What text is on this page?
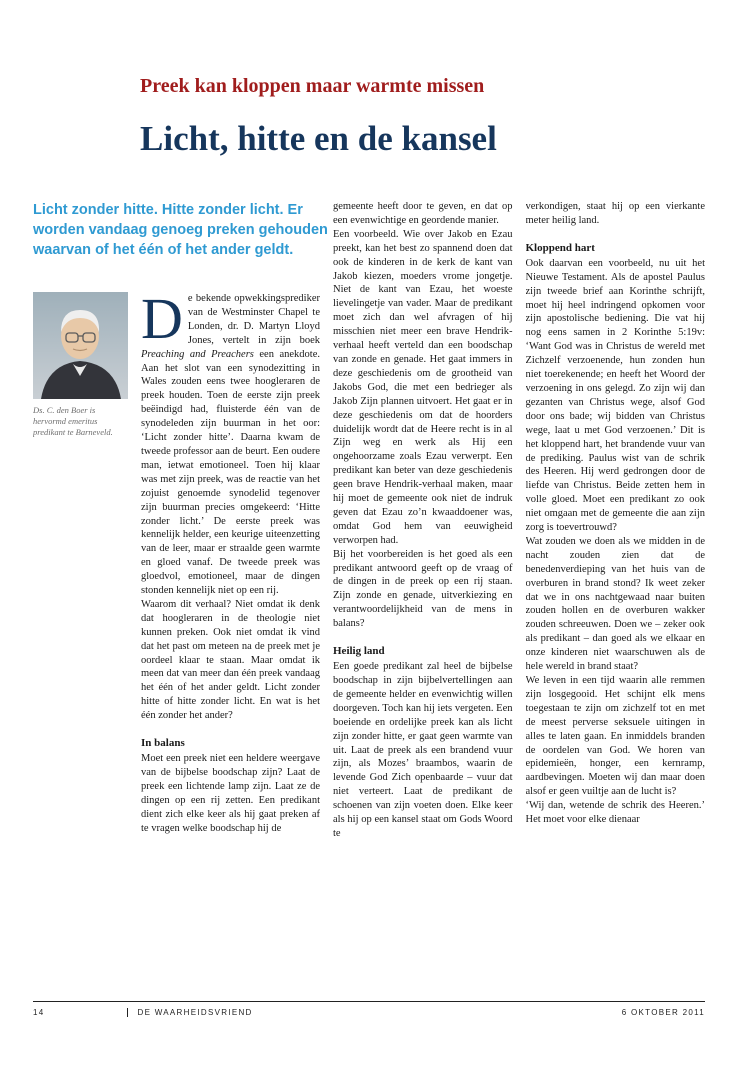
Preek kan kloppen maar warmte missen
Licht, hitte en de kansel

Licht zonder hitte. Hitte zonder licht. Er worden vandaag genoeg preken gehouden waarvan of het één of het ander geldt.

Ds. C. den Boer is hervormd emeritus predikant te Barneveld.

De bekende opwekkingsprediker van de Westminster Chapel te Londen, dr. D. Martyn Lloyd Jones, vertelt in zijn boek Preaching and Preachers een anekdote. Aan het slot van een synodezitting in Wales zouden eens twee hoogleraren de preek houden. Toen de eerste zijn preek beëindigd had, fluisterde één van de synodeleden zijn buurman in het oor: ‘Licht zonder hitte’. Daarna kwam de tweede professor aan de beurt. Een oudere man, ietwat emotioneel. Toen hij klaar was met zijn preek, was de reactie van het zojuist genoemde synodelid tegenover zijn buurman precies omgekeerd: ‘Hitte zonder licht.’ De eerste preek was kennelijk helder, een keurige uiteenzetting van de leer, maar er straalde geen warmte en gloed vanaf. De tweede preek was gloedvol, emotioneel, maar de dingen stonden kennelijk niet op een rij.

Waarom dit verhaal? Niet omdat ik denk dat hoogleraren in de theologie niet kunnen preken. Ook niet omdat ik vind dat het past om meteen na de preek met je oordeel klaar te staan. Maar omdat ik meen dat van meer dan één preek vandaag het één of het ander geldt. Licht zonder hitte of hitte zonder licht. En wat is het één zonder het ander?

In balans

Moet een preek niet een heldere weergave van de bijbelse boodschap zijn? Laat de preek een lichtende lamp zijn. Laat ze de dingen op een rij zetten. Een predikant dient zich elke keer als hij gaat preken af te vragen welke boodschap hij de

gemeente heeft door te geven, en dat op een evenwichtige en geordende manier.

Een voorbeeld. Wie over Jakob en Ezau preekt, kan het best zo spannend doen dat ook de kinderen in de kerk de kant van Jakob kiezen, moeders vrome jongetje. Niet de kant van Ezau, het woeste lievelingetje van vader. Maar de predikant moet zich dan wel afvragen of hij misschien niet meer een brave Hendrik-verhaal heeft verteld dan een boodschap van zonde en genade. Het gaat immers in deze geschiedenis om de grootheid van Jakobs God, die met een bedrieger als Jakob Zijn plannen uitvoert. Het gaat er in deze geschiedenis om dat de hoorders duidelijk wordt dat de Heere recht is in al Zijn weg en werk als Hij een ongehoorzame zoals Ezau verwerpt. Een predikant kan beter van deze geschiedenis geen brave Hendrik-verhaal maken, maar hij moet de gemeente ook niet de indruk geven dat Ezau zo’n kwaaddoener was, omdat God hem van eeuwigheid verworpen had.

Bij het voorbereiden is het goed als een predikant antwoord geeft op de vraag of de dingen in de preek op een rij staan. Zijn zonde en genade, uitverkiezing en verantwoordelijkheid van de mens in balans?

Heilig land

Een goede predikant zal heel de bijbelse boodschap in zijn bijbelvertellingen aan de gemeente helder en evenwichtig willen doorgeven. Toch kan hij iets vergeten. Een boeiende en ordelijke preek kan als licht zijn zonder hitte, er gaat geen warmte van uit. Laat de preek als een brandend vuur zijn, als Mozes’ braambos, waarin de levende God Zich openbaarde – vuur dat niet verteert. Laat de predikant de schoenen van zijn voeten doen. Elke keer als hij op een kansel staat om Gods Woord te

verkondigen, staat hij op een vierkante meter heilig land.

Kloppend hart

Ook daarvan een voorbeeld, nu uit het Nieuwe Testament. Als de apostel Paulus zijn tweede brief aan Korinthe schrijft, moet hij heel indringend opkomen voor zijn apostolische bediening. Die vat hij nog eens samen in 2 Korinthe 5:19v: ‘Want God was in Christus de wereld met Zichzelf verzoenende, hun zonden hun niet toerekenende; en heeft het Woord der verzoening in ons gelegd. Zo zijn wij dan gezanten van Christus wege, alsof God door ons bade; wij bidden van Christus wege, laat u met God verzoenen.’ Dit is het kloppend hart, het brandende vuur van de prediking. Paulus wist van de schrik des Heeren. Hij werd gedrongen door de liefde van Christus. Beide zetten hem in volle gloed. Moet een predikant zo ook niet omgaan met de gemeente die aan zijn zorg is toevertrouwd?

Wat zouden we doen als we midden in de nacht zouden zien dat de benedenverdieping van het huis van de overburen in brand stond? Ik weet zeker dat we in ons nachtgewaad naar buiten zouden hollen en de overburen wakker zouden schreeuwen. Doen we – zeker ook als predikant – dan goed als we elkaar en onze kinderen niet waarschuwen als de hele wereld in brand staat?

We leven in een tijd waarin alle remmen zijn losgegooid. Het schijnt elk mens toegestaan te zijn om zichzelf tot en met de meest perverse seksuele uitingen in alles te laten gaan. En inmiddels branden de oordelen van God. We horen van epidemieën, honger, een kernramp, aardbevingen. Moeten wij dan maar doen alsof er geen vuiltje aan de lucht is?

‘Wij dan, wetende de schrik des Heeren.’ Het moet voor elke dienaar

14	DE WAARHEIDSVRIEND	6 OKTOBER 2011
